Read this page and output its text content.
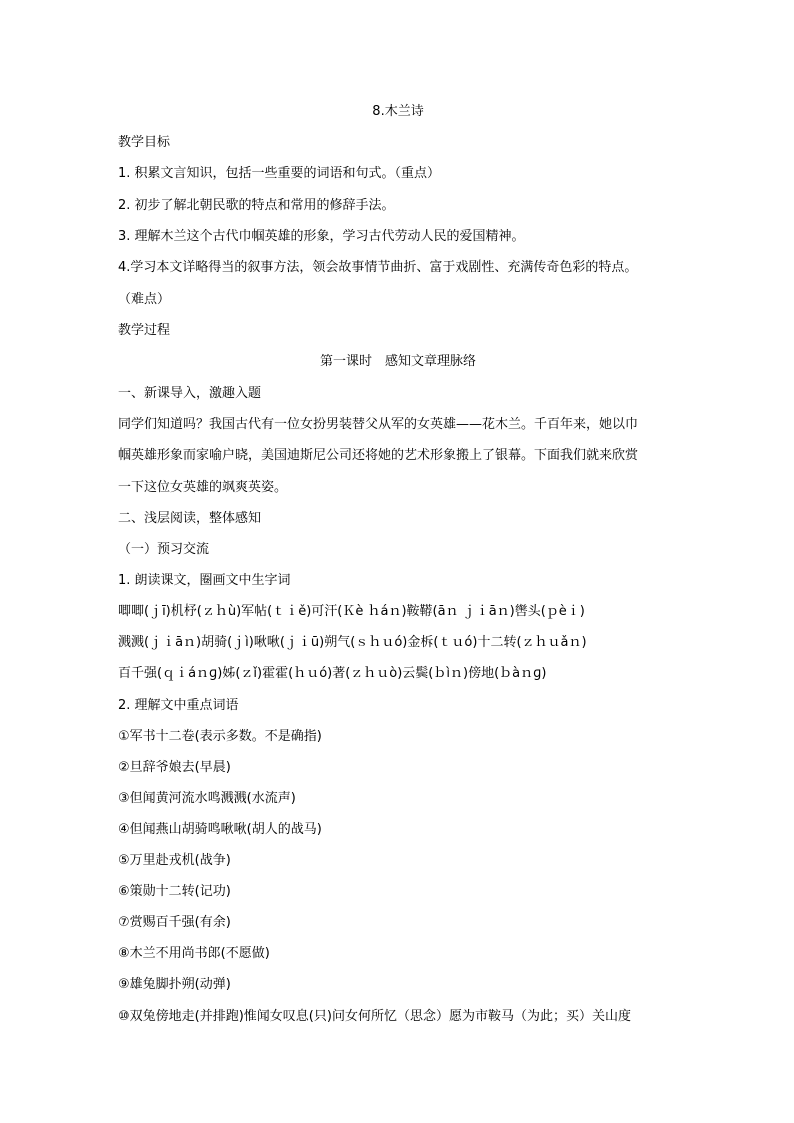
8.木兰诗
教学目标
1. 积累文言知识，包括一些重要的词语和句式。（重点）
2. 初步了解北朝民歌的特点和常用的修辞手法。
3. 理解木兰这个古代巾帼英雄的形象，学习古代劳动人民的爱国精神。
4.学习本文详略得当的叙事方法，领会故事情节曲折、富于戏剧性、充满传奇色彩的特点。
（难点）
教学过程
第一课时　感知文章理脉络
一、新课导入，激趣入题
同学们知道吗？我国古代有一位女扮男装替父从军的女英雄——花木兰。千百年来，她以巾
帼英雄形象而家喻户晓，美国迪斯尼公司还将她的艺术形象搬上了银幕。下面我们就来欣赏
一下这位女英雄的飒爽英姿。
二、浅层阅读，整体感知
（一）预习交流
1. 朗读课文，圈画文中生字词
唧唧(ｊī)机杼(ｚｈù)军帖(ｔｉě)可汗(Ｋè ｈáｎ)鞍鞯(āｎ ｊｉāｎ)辔头(ｐèｉ)
溅溅(ｊｉāｎ)胡骑(ｊì)啾啾(ｊｉū)朔气(ｓｈｕó)金柝(ｔｕó)十二转(ｚｈｕǎｎ)
百千强(ｑｉáｎɡ)姊(ｚǐ)霍霍(ｈｕó)著(ｚｈｕò)云鬓(ｂìｎ)傍地(ｂàｎɡ)
2. 理解文中重点词语
①军书十二卷(表示多数。不是确指)
②旦辞爷娘去(早晨)
③但闻黄河流水鸣溅溅(水流声)
④但闻燕山胡骑鸣啾啾(胡人的战马)
⑤万里赴戎机(战争)
⑥策勋十二转(记功)
⑦赏赐百千强(有余)
⑧木兰不用尚书郎(不愿做)
⑨雄兔脚扑朔(动弹)
⑩双兔傍地走(并排跑)惟闻女叹息(只)问女何所忆（思念）愿为市鞍马（为此；买）关山度
